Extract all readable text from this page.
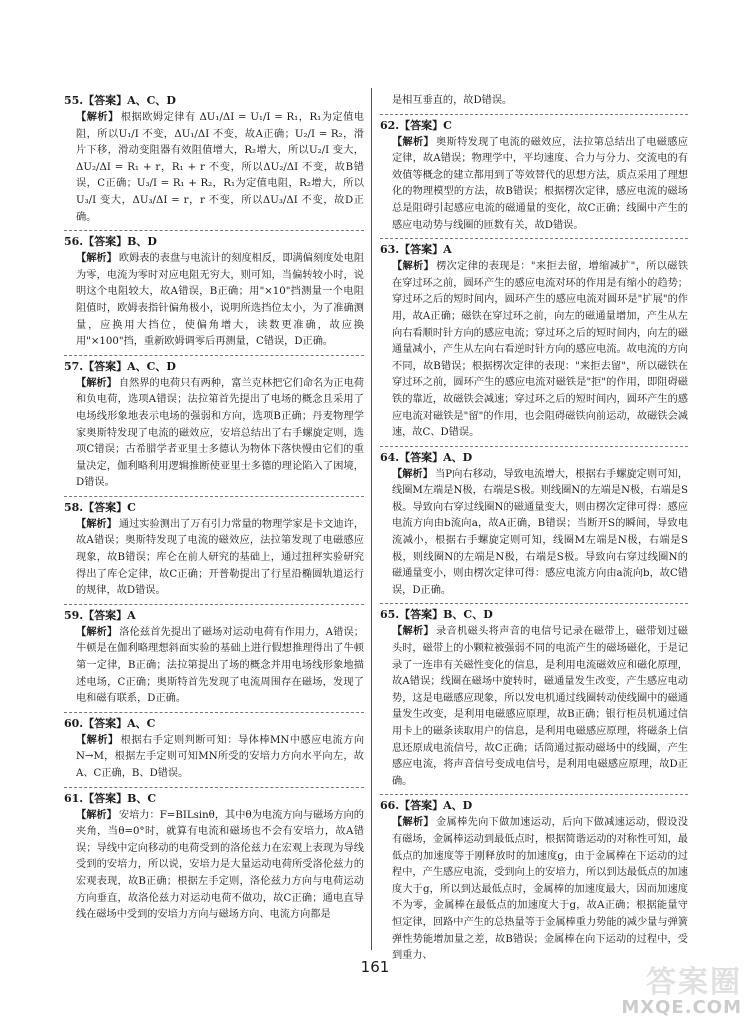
55.【答案】A、C、D
【解析】 根据欧姆定律有 ΔU₁/ΔI = U₁/I = R₁，R₁为定值电阻，所以U₁/I 不变，ΔU₁/ΔI 不变，故A正确；U₂/I = R₂，滑片下移，滑动变阻器有效阻值增大，R₂增大，所以U₂/I 变大，ΔU₂/ΔI = R₁ + r，R₁ + r 不变，所以ΔU₂/ΔI 不变，故B错误，C正确；U₃/I = R₁ + R₂，R₁为定值电阻，R₂增大，所以U₃/I 变大，ΔU₃/ΔI = r，r 不变，所以ΔU₃/ΔI 不变，故D正确。
56.【答案】B、D
【解析】 欧姆表的表盘与电流计的刻度相反，即满偏刻度处电阻为零，电流为零时对应电阻无穷大，则可知，当偏转较小时，说明这个电阻较大，故A错误，B正确；用"×10"挡测量一个电阻阻值时，欧姆表指针偏角极小，说明所选挡位太小，为了准确测量，应换用大挡位，使偏角增大，读数更准确，故应换用"×100"挡，重新欧姆调零后再测量，C错误，D正确。
57.【答案】A、C、D
【解析】 自然界的电荷只有两种，富兰克林把它们命名为正电荷和负电荷，选项A错误；法拉第首先提出了电场的概念且采用了电场线形象地表示电场的强弱和方向，选项B正确；丹麦物理学家奥斯特发现了电流的磁效应，安培总结出了右手螺旋定则，选项C错误；古希腊学者亚里士多德认为物体下落快慢由它们的重量决定，伽利略利用逻辑推断使亚里士多德的理论陷入了困境，D错误。
58.【答案】C
【解析】 通过实验测出了万有引力常量的物理学家是卡文迪许，故A错误；奥斯特发现了电流的磁效应，法拉第发现了电磁感应现象，故B错误；库仑在前人研究的基础上，通过扭秤实验研究得出了库仑定律，故C正确；开普勒提出了行星沿椭圆轨道运行的规律，故D错误。
59.【答案】A
【解析】 洛伦兹首先提出了磁场对运动电荷有作用力，A错误；牛顿是在伽利略理想斜面实验的基础上进行假想推理得出了牛顿第一定律，B正确；法拉第提出了场的概念并用电场线形象地描述电场，C正确；奥斯特首先发现了电流周围存在磁场，发现了电和磁有联系，D正确。
60.【答案】A、C
【解析】 根据右手定则判断可知：导体棒MN中感应电流方向N→M，根据左手定则可知MN所受的安培力方向水平向左，故A、C正确，B、D错误。
61.【答案】B、C
【解析】 安培力：F=BILsinθ，其中θ为电流方向与磁场方向的夹角，当θ=0°时，就算有电流和磁场也不会有安培力，故A错误；导线中定向移动的电荷受到的洛伦兹力在宏观上表现为导线受到的安培力，所以说，安培力是大量运动电荷所受洛伦兹力的宏观表现，故B正确；根据左手定则，洛伦兹力方向与电荷运动方向垂直，故洛伦兹力对运动电荷不做功，故C正确；通电直导线在磁场中受到的安培力方向与磁场方向、电流方向都是
是相互垂直的，故D错误。
62.【答案】C
【解析】 奥斯特发现了电流的磁效应，法拉第总结出了电磁感应定律，故A错误；物理学中，平均速度、合力与分力、交流电的有效值等概念的建立都用到了等效替代的思想方法，质点采用了理想化的物理模型的方法，故B错误；根据楞次定律，感应电流的磁场总是阻碍引起感应电流的磁通量的变化，故C正确；线圈中产生的感应电动势与线圈的匝数有关，故D错误。
63.【答案】A
【解析】 楞次定律的表现是："来拒去留，增缩减扩"，所以磁铁在穿过环之前，圆环产生的感应电流对环的作用是有缩小的趋势；穿过环之后的短时间内，圆环产生的感应电流对圆环是"扩展"的作用，故A正确；磁铁在穿过环之前，向左的磁通量增加，产生从左向右看顺时针方向的感应电流；穿过环之后的短时间内，向左的磁通量减小，产生从左向右看逆时针方向的感应电流。故电流的方向不同，故B错误；根据楞次定律的表现："来拒去留"，所以磁铁在穿过环之前，圆环产生的感应电流对磁铁是"拒"的作用，即阻碍磁铁的靠近，故磁铁会减速；穿过环之后的短时间内，圆环产生的感应电流对磁铁是"留"的作用，也会阻碍磁铁向前运动，故磁铁会减速，故C、D错误。
64.【答案】A、D
【解析】 当P向右移动，导致电流增大，根据右手螺旋定则可知，线圈M左端是N极，右端是S极。则线圈N的左端是N极，右端是S极。导致向右穿过线圈N的磁通量变大，则由楞次定律可得：感应电流方向由b流向a，故A正确，B错误；当断开S的瞬间，导致电流减小，根据右手螺旋定则可知，线圈M左端是N极，右端是S极，则线圈N的左端是N极，右端是S极。导致向右穿过线圈N的磁通量变小，则由楞次定律可得：感应电流方向由a流向b，故C错误，D正确。
65.【答案】B、C、D
【解析】 录音机磁头将声音的电信号记录在磁带上，磁带划过磁头时，磁带上的小颗粒被强弱不同的电流产生的磁场磁化，于是记录了一连串有关磁性变化的信息，是利用电流磁效应和磁化原理，故A错误；线圈在磁场中旋转时，磁通量发生改变，产生感应电动势，这是电磁感应现象，所以发电机通过线圈转动使线圈中的磁通量发生改变，是利用电磁感应原理，故B正确；银行柜员机通过信用卡上的磁条读取用户的信息，是利用电磁感应原理，将磁条上信息还原成电流信号，故C正确；话筒通过振动磁场中的线圈，产生感应电流，将声音信号变成电信号，是利用电磁感应原理，故D正确。
66.【答案】A、D
【解析】 金属棒先向下做加速运动，后向下做减速运动，假设没有磁场，金属棒运动到最低点时，根据简谐运动的对称性可知，最低点的加速度等于刚释放时的加速度g，由于金属棒在下运动的过程中，产生感应电流，受到向上的安培力，所以到达最低点的加速度大于g，所以到达最低点时，金属棒的加速度最大，因而加速度不为零，金属棒在最低点的加速度大于g，故A正确；根据能量守恒定律，回路中产生的总热量等于金属棒重力势能的减少量与弹簧弹性势能增加量之差，故B错误；金属棒在向下运动的过程中，受到重力、
161	答案圈
MXQE.COM
